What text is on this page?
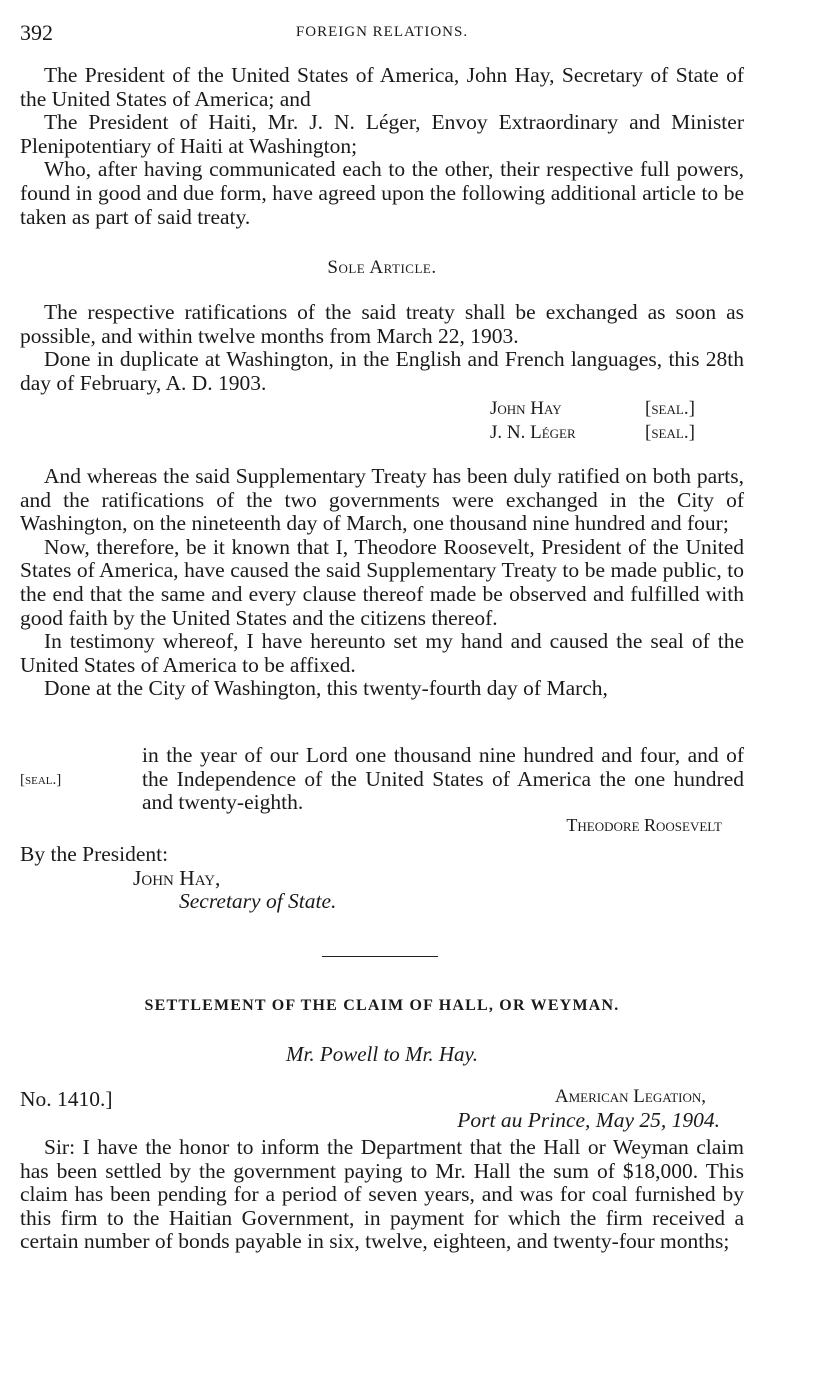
392	FOREIGN RELATIONS.

The President of the United States of America, John Hay, Secretary of State of the United States of America; and

The President of Haiti, Mr. J. N. Léger, Envoy Extraordinary and Minister Plenipotentiary of Haiti at Washington;

Who, after having communicated each to the other, their respective full powers, found in good and due form, have agreed upon the following additional article to be taken as part of said treaty.

Sole Article.

The respective ratifications of the said treaty shall be exchanged as soon as possible, and within twelve months from March 22, 1903.

Done in duplicate at Washington, in the English and French languages, this 28th day of February, A. D. 1903.

John Hay	[seal.]
J. N. Léger	[seal.]

And whereas the said Supplementary Treaty has been duly ratified on both parts, and the ratifications of the two governments were exchanged in the City of Washington, on the nineteenth day of March, one thousand nine hundred and four;

Now, therefore, be it known that I, Theodore Roosevelt, President of the United States of America, have caused the said Supplementary Treaty to be made public, to the end that the same and every clause thereof made be observed and fulfilled with good faith by the United States and the citizens thereof.

In testimony whereof, I have hereunto set my hand and caused the seal of the United States of America to be affixed.

Done at the City of Washington, this twenty-fourth day of March,

in the year of our Lord one thousand nine hundred and four, and of the Independence of the United States of America the one hundred and twenty-eighth.

[seal.]
Theodore Roosevelt

By the President:

John Hay,

Secretary of State.

SETTLEMENT OF THE CLAIM OF HALL, OR WEYMAN.
Mr. Powell to Mr. Hay.

No. 1410.]	American Legation,

Port au Prince, May 25, 1904.

Sir: I have the honor to inform the Department that the Hall or Weyman claim has been settled by the government paying to Mr. Hall the sum of $18,000. This claim has been pending for a period of seven years, and was for coal furnished by this firm to the Haitian Government, in payment for which the firm received a certain number of bonds payable in six, twelve, eighteen, and twenty-four months;
